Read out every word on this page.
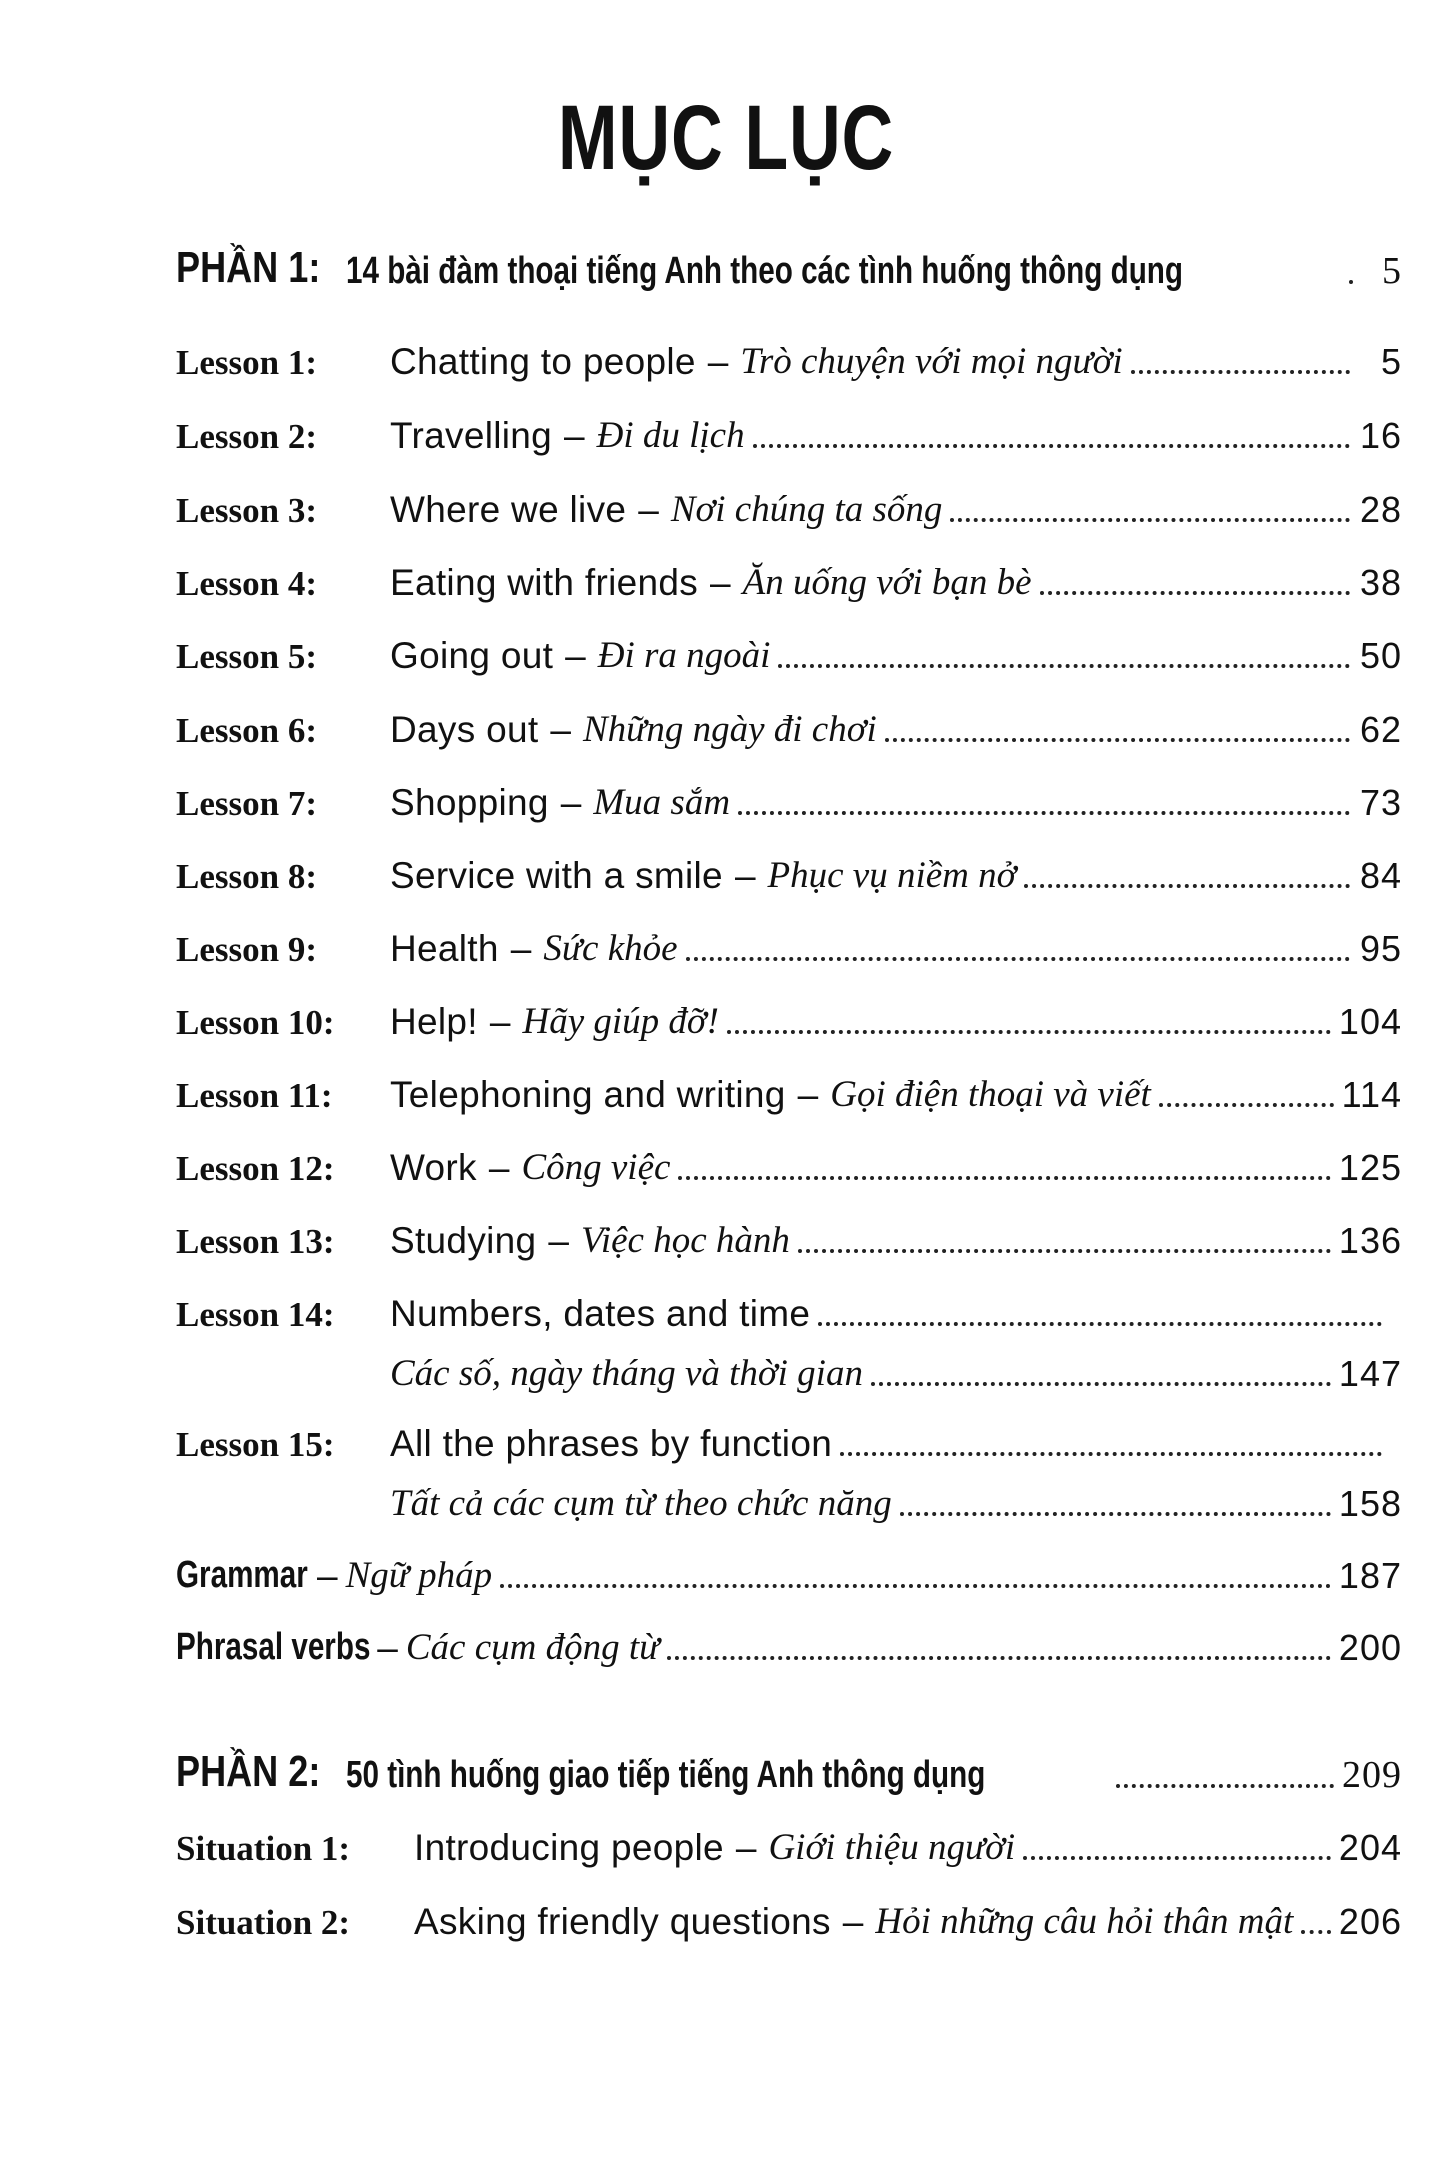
MỤC LỤC
PHẦN 1: 14 bài đàm thoại tiếng Anh theo các tình huống thông dụng	5
Lesson 1:	Chatting to people – Trò chuyện với mọi người	5
Lesson 2:	Travelling – Đi du lịch	16
Lesson 3:	Where we live – Nơi chúng ta sống	28
Lesson 4:	Eating with friends – Ăn uống với bạn bè	38
Lesson 5:	Going out – Đi ra ngoài	50
Lesson 6:	Days out – Những ngày đi chơi	62
Lesson 7:	Shopping – Mua sắm	73
Lesson 8:	Service with a smile – Phục vụ niềm nở	84
Lesson 9:	Health – Sức khỏe	95
Lesson 10:	Help! – Hãy giúp đỡ!	104
Lesson 11:	Telephoning and writing – Gọi điện thoại và viết	114
Lesson 12:	Work – Công việc	125
Lesson 13:	Studying – Việc học hành	136
Lesson 14:	Numbers, dates and time
Các số, ngày tháng và thời gian	147
Lesson 15:	All the phrases by function
Tất cả các cụm từ theo chức năng	158
Grammar – Ngữ pháp	187
Phrasal verbs – Các cụm động từ	200
PHẦN 2: 50 tình huống giao tiếp tiếng Anh thông dụng	209
Situation 1:	Introducing people – Giới thiệu người	204
Situation 2:	Asking friendly questions – Hỏi những câu hỏi thân mật 206
